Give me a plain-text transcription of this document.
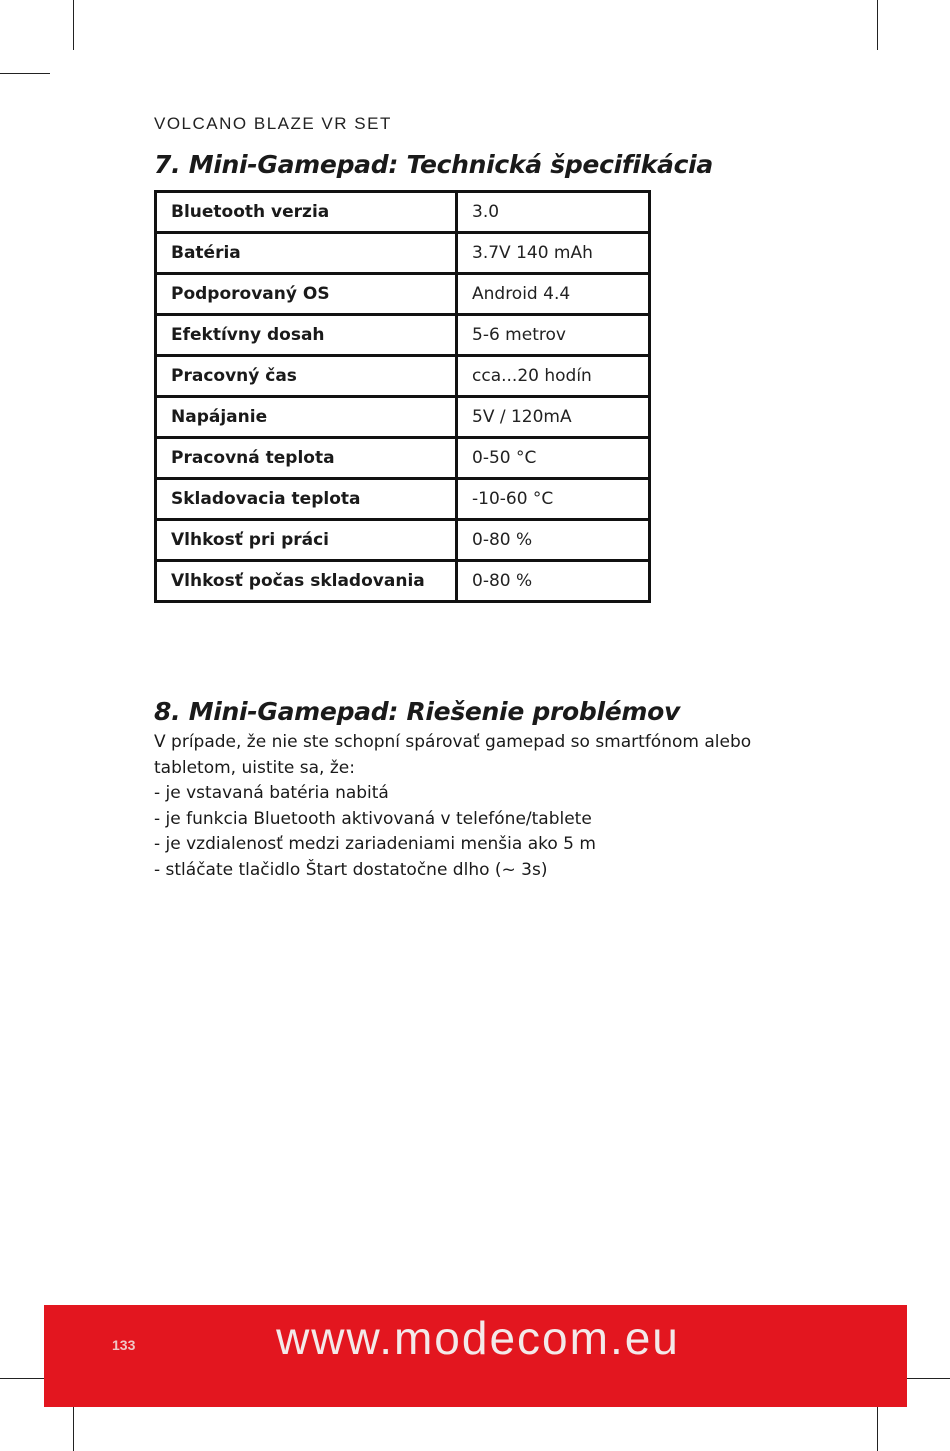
VOLCANO BLAZE VR SET
7. Mini-Gamepad: Technická špecifikácia
Bluetooth verzia	3.0
Batéria	3.7V 140 mAh
Podporovaný OS	Android 4.4
Efektívny dosah	5-6 metrov
Pracovný čas	cca...20 hodín
Napájanie	5V / 120mA
Pracovná teplota	0-50 °C
Skladovacia teplota	-10-60 °C
Vlhkosť pri práci	0-80 %
Vlhkosť počas skladovania	0-80 %
8. Mini-Gamepad: Riešenie problémov

V prípade, že nie ste schopní spárovať gamepad so smartfónom alebo

tabletom, uistite sa, že:

- je vstavaná batéria nabitá

- je funkcia Bluetooth aktivovaná v telefóne/tablete

- je vzdialenosť medzi zariadeniami menšia ako 5 m

- stláčate tlačidlo Štart dostatočne dlho (~ 3s)

133	www.modecom.eu
